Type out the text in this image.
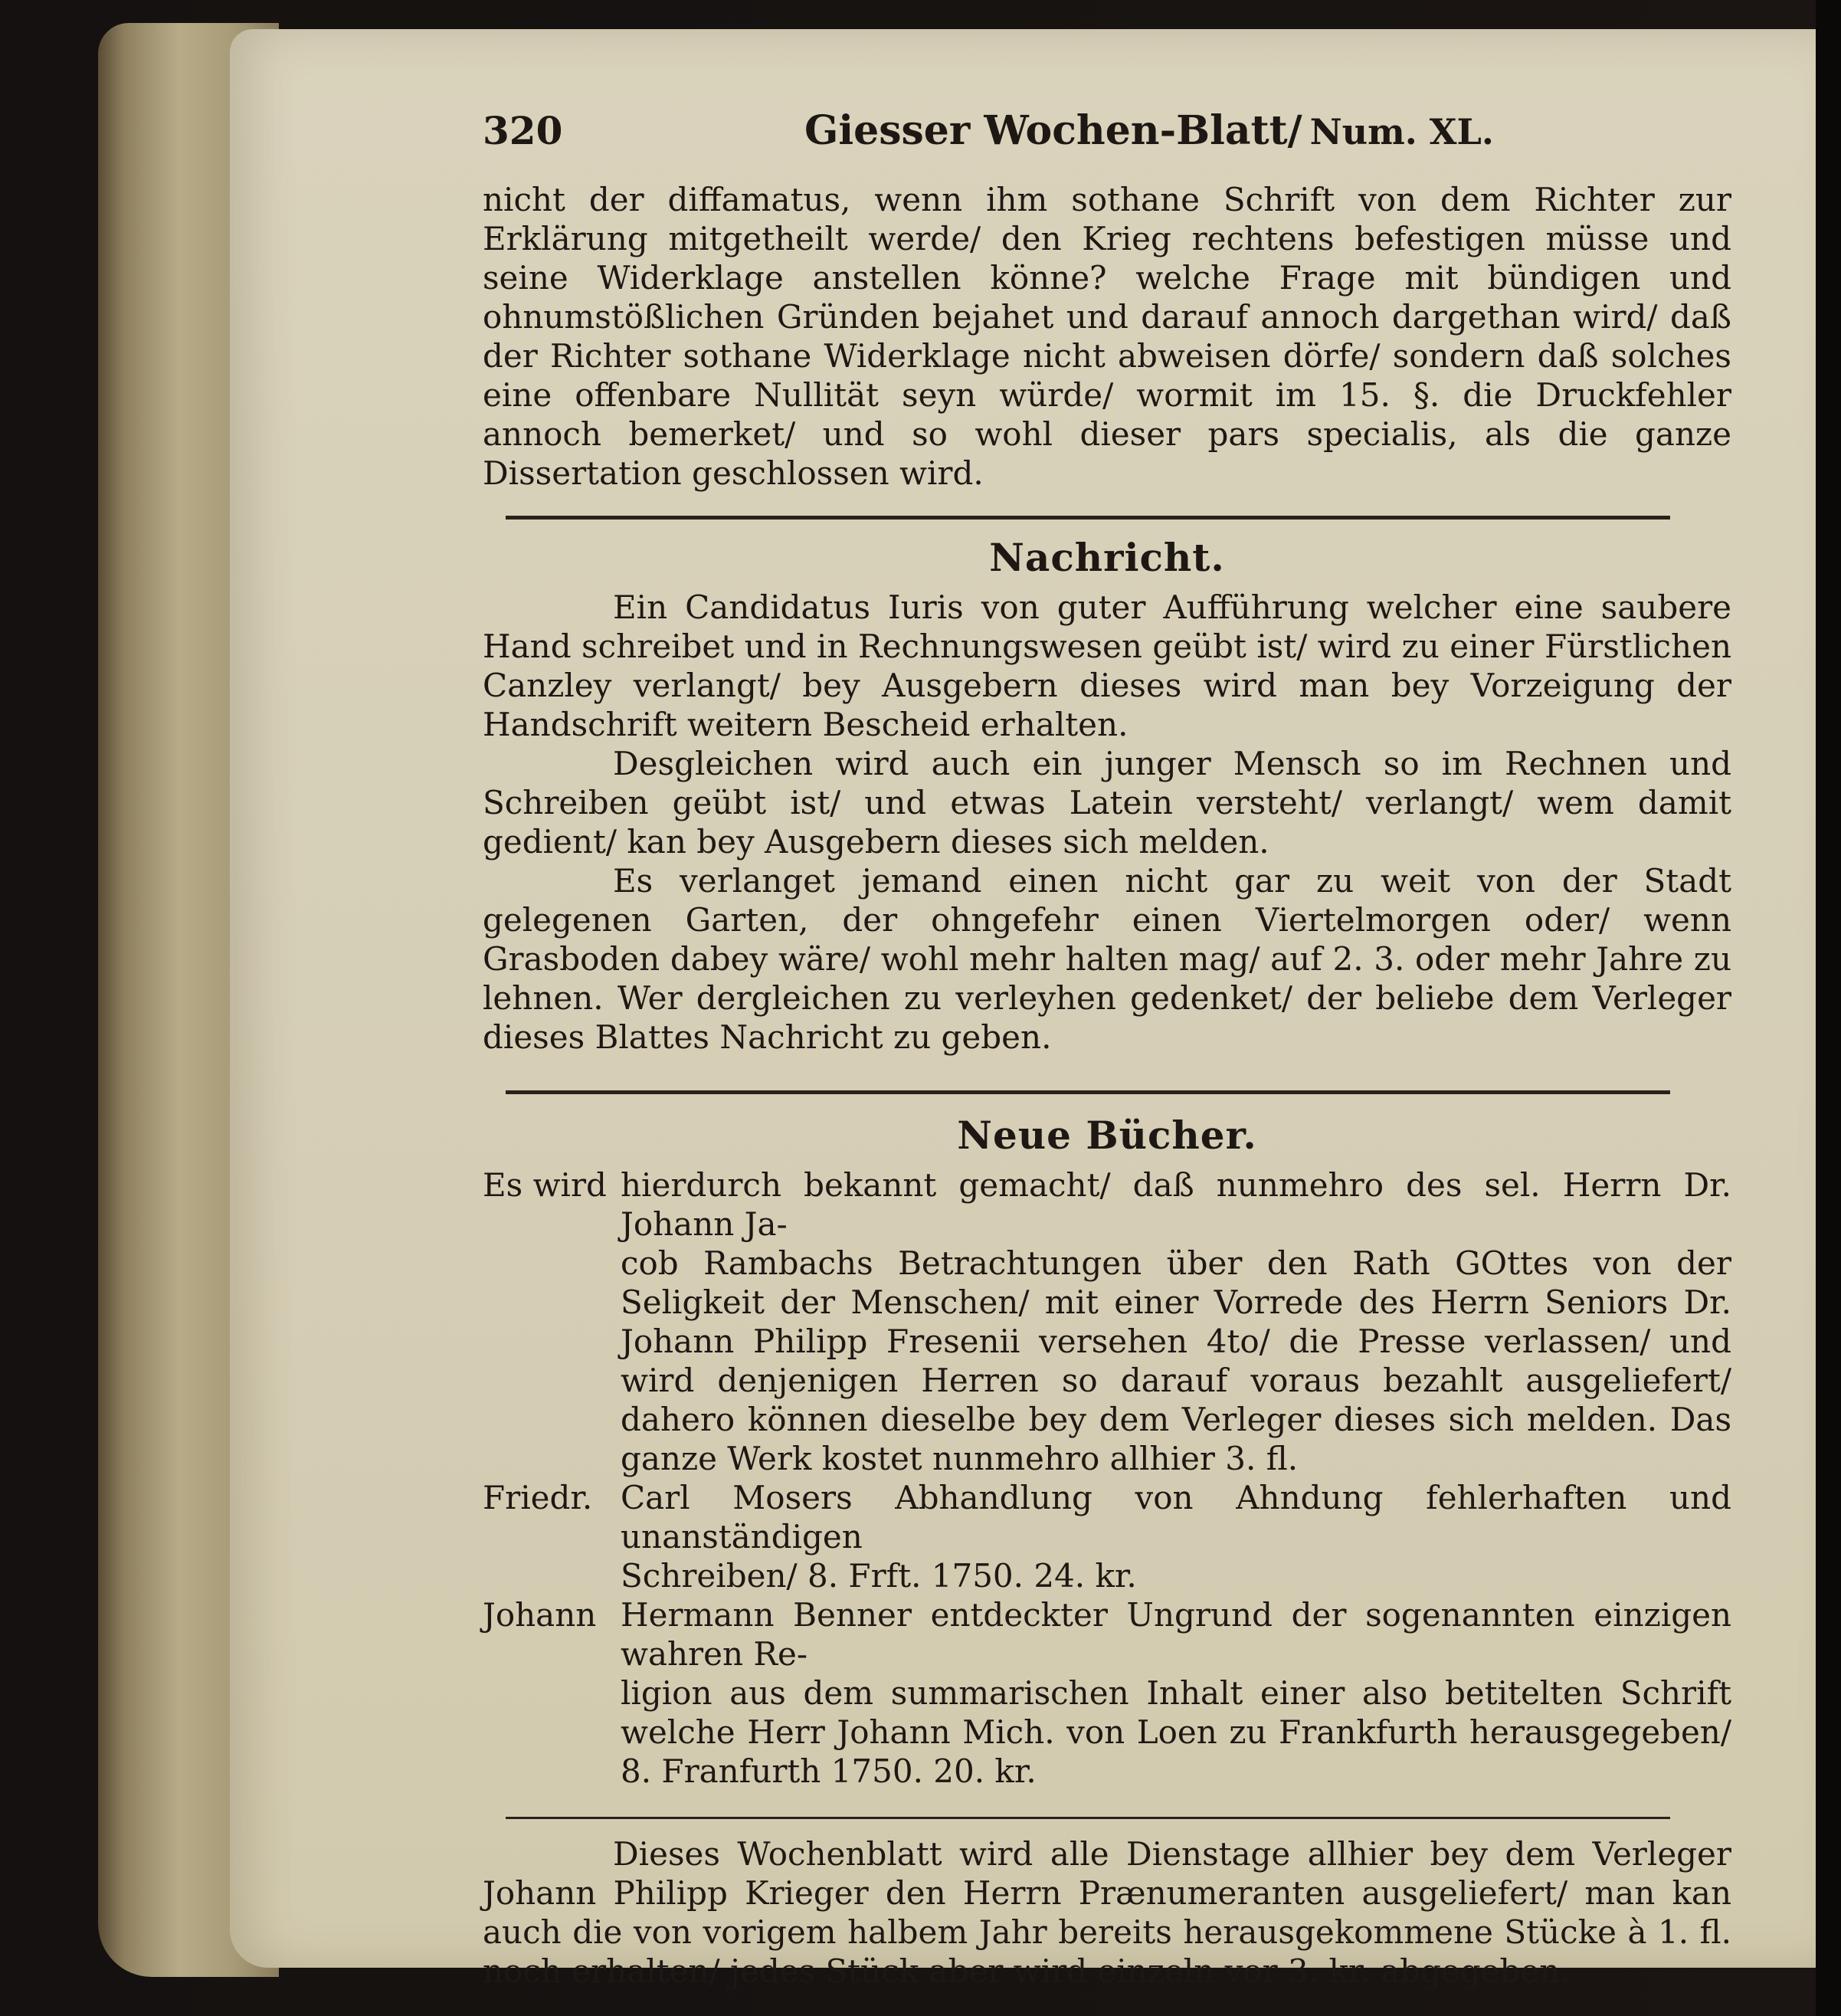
320	Giesser Wochen-Blatt/ Num. XL.

nicht der diffamatus, wenn ihm sothane Schrift von dem Richter zur Erklärung mitgetheilt werde/ den Krieg rechtens befestigen müsse und seine Widerklage anstellen könne? welche Frage mit bündigen und ohnumstößlichen Gründen bejahet und darauf annoch dargethan wird/ daß der Richter sothane Widerklage nicht abweisen dörfe/ sondern daß solches eine offenbare Nullität seyn würde/ wormit im 15. §. die Druckfehler annoch bemerket/ und so wohl dieser pars specialis, als die ganze Dissertation geschlossen wird.

Nachricht.

Ein Candidatus Iuris von guter Aufführung welcher eine saubere Hand schreibet und in Rechnungswesen geübt ist/ wird zu einer Fürstlichen Canzley verlangt/ bey Ausgebern dieses wird man bey Vorzeigung der Handschrift weitern Bescheid erhalten.

Desgleichen wird auch ein junger Mensch so im Rechnen und Schreiben geübt ist/ und etwas Latein versteht/ verlangt/ wem damit gedient/ kan bey Ausgebern dieses sich melden.

Es verlanget jemand einen nicht gar zu weit von der Stadt gelegenen Garten, der ohngefehr einen Viertelmorgen oder/ wenn Grasboden dabey wäre/ wohl mehr halten mag/ auf 2. 3. oder mehr Jahre zu lehnen. Wer dergleichen zu verleyhen gedenket/ der beliebe dem Verleger dieses Blattes Nachricht zu geben.

Neue Bücher.
Es wird hierdurch bekannt gemacht/ daß nunmehro des sel. Herrn Dr. Johann Ja-
cob Rambachs Betrachtungen über den Rath GOttes von der Seligkeit der Menschen/ mit einer Vorrede des Herrn Seniors Dr. Johann Philipp Fresenii versehen 4to/ die Presse verlassen/ und wird denjenigen Herren so darauf voraus bezahlt ausgeliefert/ dahero können dieselbe bey dem Verleger dieses sich melden. Das ganze Werk kostet nunmehro allhier 3. fl.
Friedr. Carl Mosers Abhandlung von Ahndung fehlerhaften und unanständigen
Schreiben/ 8. Frft. 1750. 24. kr.
Johann Hermann Benner entdeckter Ungrund der sogenannten einzigen wahren Re-
ligion aus dem summarischen Inhalt einer also betitelten Schrift welche Herr Johann Mich. von Loen zu Frankfurth herausgegeben/ 8. Franfurth 1750. 20. kr.

Dieses Wochenblatt wird alle Dienstage allhier bey dem Verleger Johann Philipp Krieger den Herrn Prænumeranten ausgeliefert/ man kan auch die von vorigem halbem Jahr bereits herausgekommene Stücke à 1. fl. noch erhalten/ jedes Stück aber wird einzeln vor 3. kr. abgegeben.
